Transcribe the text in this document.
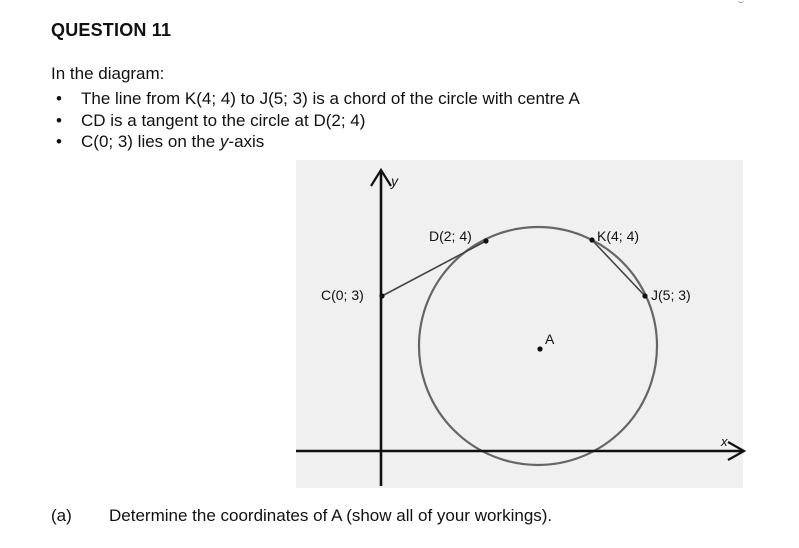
QUESTION 11
In the diagram:
• The line from K(4; 4) to J(5; 3) is a chord of the circle with centre A
• CD is a tangent to the circle at D(2; 4)
• C(0; 3) lies on the y-axis
y
x
D(2; 4)	K(4; 4)
J(5; 3)
C(0; 3)
A
(a) Determine the coordinates of A (show all of your workings).
